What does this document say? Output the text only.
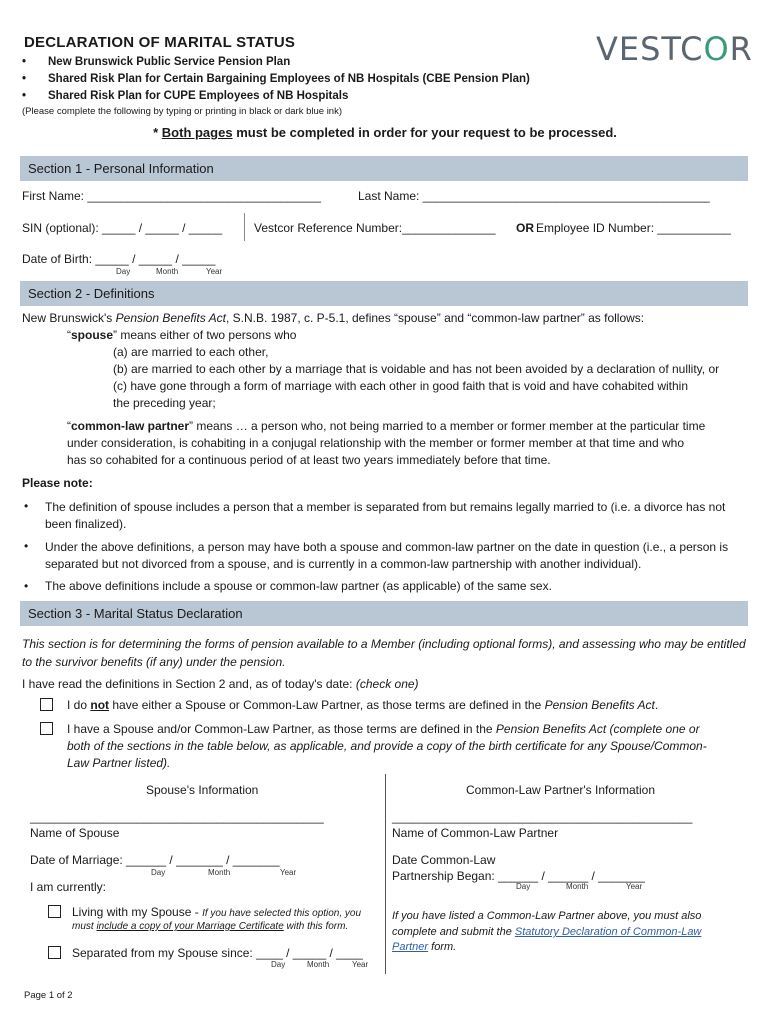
DECLARATION OF MARITAL STATUS
• New Brunswick Public Service Pension Plan
• Shared Risk Plan for Certain Bargaining Employees of NB Hospitals (CBE Pension Plan)
• Shared Risk Plan for CUPE Employees of NB Hospitals
(Please complete the following by typing or printing in black or dark blue ink)
VESTCOR
* Both pages must be completed in order for your request to be processed.
Section 1 - Personal Information
First Name: ___________________________________	Last Name: ___________________________________________
SIN (optional): _____ / _____ / _____	Vestcor Reference Number:______________ OR Employee ID Number: ___________
Date of Birth: _____ / _____ / _____
Day	Month	Year
Section 2 - Definitions
New Brunswick's Pension Benefits Act, S.N.B. 1987, c. P-5.1, defines “spouse” and “common-law partner” as follows:
“spouse” means either of two persons who
(a) are married to each other,
(b) are married to each other by a marriage that is voidable and has not been avoided by a declaration of nullity, or
(c) have gone through a form of marriage with each other in good faith that is void and have cohabited within
the preceding year;
“common-law partner” means … a person who, not being married to a member or former member at the particular time
under consideration, is cohabiting in a conjugal relationship with the member or former member at that time and who
has so cohabited for a continuous period of at least two years immediately before that time.
Please note:
• The definition of spouse includes a person that a member is separated from but remains legally married to (i.e. a divorce has not been finalized).
• Under the above definitions, a person may have both a spouse and common-law partner on the date in question (i.e., a person is separated but not divorced from a spouse, and is currently in a common-law partnership with another individual).
• The above definitions include a spouse or common-law partner (as applicable) of the same sex.
Section 3 - Marital Status Declaration
This section is for determining the forms of pension available to a Member (including optional forms), and assessing who may be entitled to the survivor benefits (if any) under the pension.
I have read the definitions in Section 2 and, as of today's date: (check one)
I do not have either a Spouse or Common-Law Partner, as those terms are defined in the Pension Benefits Act.
I have a Spouse and/or Common-Law Partner, as those terms are defined in the Pension Benefits Act (complete one or
both of the sections in the table below, as applicable, and provide a copy of the birth certificate for any Spouse/Common-
Law Partner listed).
Spouse's Information	Common-Law Partner's Information
____________________________________________
Name of Spouse
_____________________________________________
Name of Common-Law Partner
Date of Marriage: ______ / _______ / _______
Day	Month	Year
Date Common-Law
Partnership Began: ______ / ______ / _______
Day	Month	Year
I am currently:
Living with my Spouse - If you have selected this option, you
must include a copy of your Marriage Certificate with this form.
Separated from my Spouse since: ____ / _____ / ____
Day	Month	Year
If you have listed a Common-Law Partner above, you must also
complete and submit the Statutory Declaration of Common-Law
Partner form.
Page 1 of 2
